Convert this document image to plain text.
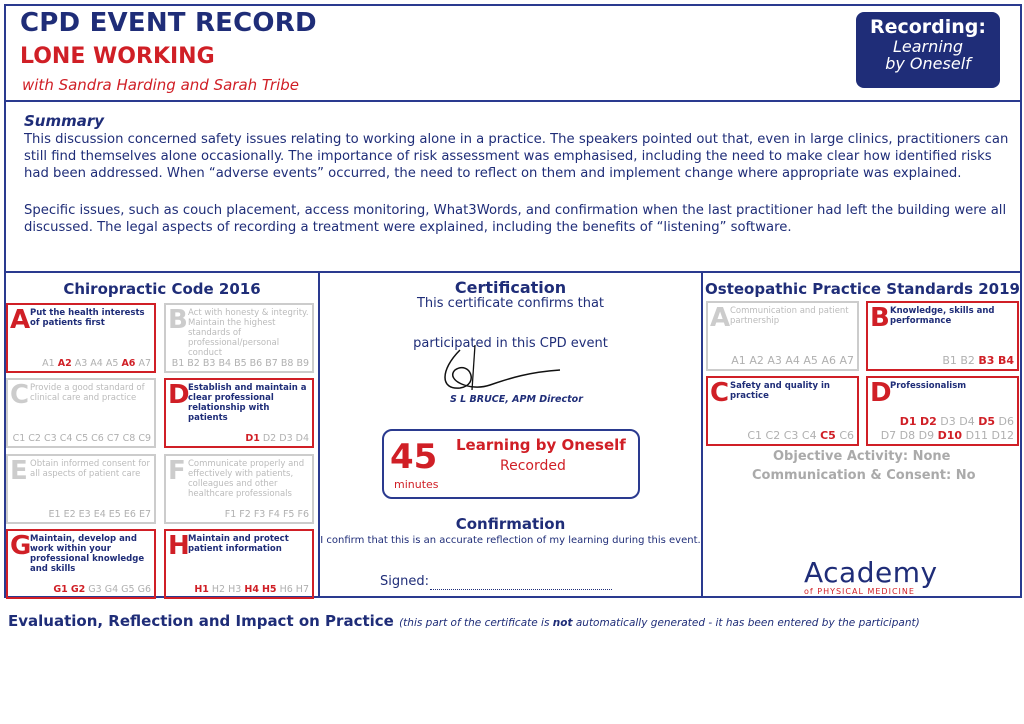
CPD EVENT RECORD
LONE WORKING
with Sandra Harding and Sarah Tribe
Recording:
Learning
by Oneself
Summary
This discussion concerned safety issues relating to working alone in a practice. The speakers pointed out that, even in large clinics, practitioners can still find themselves alone occasionally. The importance of risk assessment was emphasised, including the need to make clear how identified risks had been addressed. When “adverse events” occurred, the need to reflect on them and implement change where appropriate was explained.
Specific issues, such as couch placement, access monitoring, What3Words, and confirmation when the last practitioner had left the building were all discussed. The legal aspects of recording a treatment were explained, including the benefits of “listening” software.
Chiropractic Code 2016
A Put the health interests of patients first
A1 A2 A3 A4 A5 A6 A7
B Act with honesty & integrity. Maintain the highest standards of professional/personal conduct
B1 B2 B3 B4 B5 B6 B7 B8 B9
C Provide a good standard of clinical care and practice
C1 C2 C3 C4 C5 C6 C7 C8 C9
D
Establish and maintain a clear professional relationship with patients
D1 D2 D3 D4
E Obtain informed consent for all aspects of patient care
E1 E2 E3 E4 E5 E6 E7
F Communicate properly and effectively with patients, colleagues and other healthcare professionals
F1 F2 F3 F4 F5 F6
G
Maintain, develop and work within your professional knowledge and skills
G1 G2 G3 G4 G5 G6
H
Maintain and protect patient information
H1 H2 H3 H4 H5 H6 H7
Certification
This certificate confirms that
participated in this CPD event
S L BRUCE, APM Director
45
minutes
Learning by Oneself
Recorded
Confirmation
I confirm that this is an accurate reflection of my learning during this event.
Signed:
Osteopathic Practice Standards 2019
A Communication and patient partnership
A1 A2 A3 A4 A5 A6 A7
B Knowledge, skills and performance
B1 B2 B3 B4
C Safety and quality in practice
C1 C2 C3 C4 C5 C6
D
Professionalism
D1 D2 D3 D4 D5 D6
D7 D8 D9 D10 D11 D12
Objective Activity: None
Communication & Consent: No
Academy
of PHYSICAL MEDICINE
Evaluation, Reflection and Impact on Practice (this part of the certificate is not automatically generated - it has been entered by the participant)
